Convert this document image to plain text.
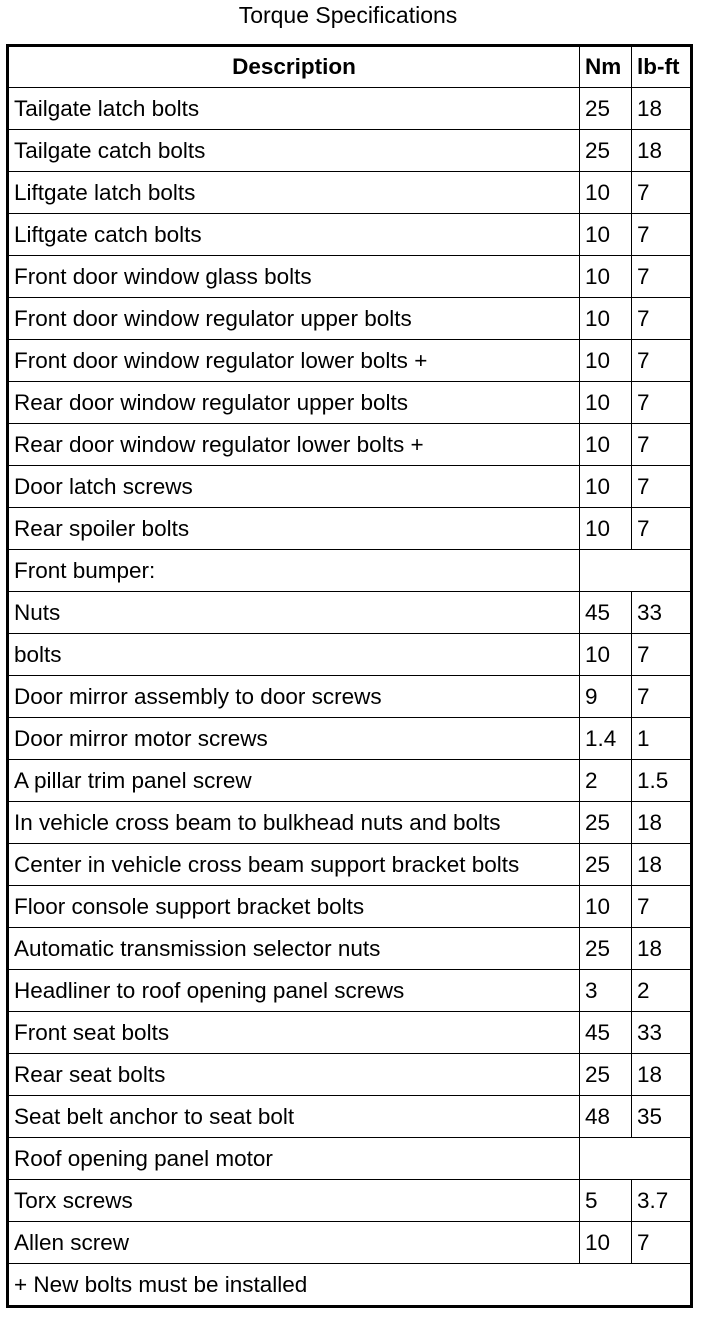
Torque Specifications
Description	Nm	lb-ft
Tailgate latch bolts	25	18
Tailgate catch bolts	25	18
Liftgate latch bolts	10	7
Liftgate catch bolts	10	7
Front door window glass bolts	10	7
Front door window regulator upper bolts	10	7
Front door window regulator lower bolts +	10	7
Rear door window regulator upper bolts	10	7
Rear door window regulator lower bolts +	10	7
Door latch screws	10	7
Rear spoiler bolts	10	7
Front bumper:		
Nuts	45	33
bolts	10	7
Door mirror assembly to door screws	9	7
Door mirror motor screws	1.4	1
A pillar trim panel screw	2	1.5
In vehicle cross beam to bulkhead nuts and bolts	25	18
Center in vehicle cross beam support bracket bolts	25	18
Floor console support bracket bolts	10	7
Automatic transmission selector nuts	25	18
Headliner to roof opening panel screws	3	2
Front seat bolts	45	33
Rear seat bolts	25	18
Seat belt anchor to seat bolt	48	35
Roof opening panel motor		
Torx screws	5	3.7
Allen screw	10	7
+ New bolts must be installed		
